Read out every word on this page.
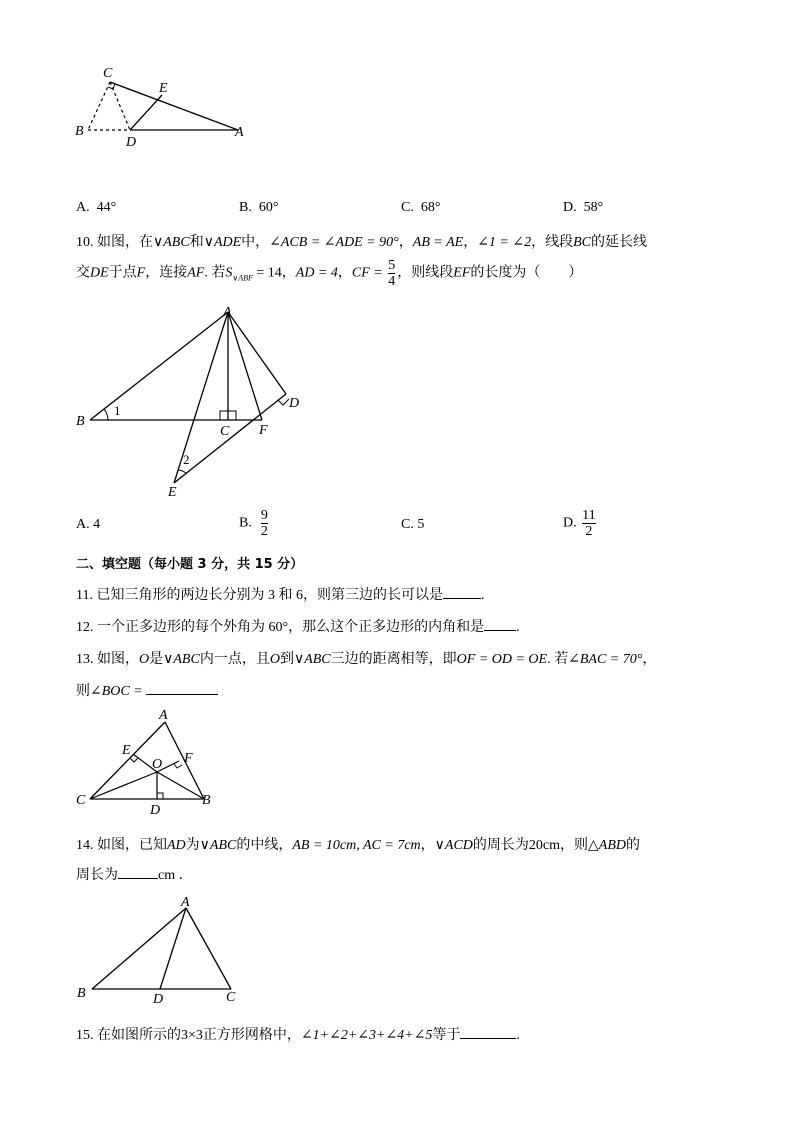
C
E
B
D
A
A. 44°	B. 60°	C. 68°	D. 58°
10. 如图，在∨ABC和∨ADE中，∠ACB = ∠ADE = 90°，AB = AE，∠1 = ∠2，线段BC的延长线
交DE于点F，连接AF. 若$S_{\vee ABF} = 14$，AD = 4，CF = $\frac{5}{4}$ ，则线段EF的长度为（　　）
A
B
C
D
E
F
1
2
A. 4	B. $\frac{9}{2}$	C. 5	D. $\frac{11}{2}$
二、填空题（每小题 3 分，共 15 分）
11. 已知三角形的两边长分别为 3 和 6，则第三边的长可以是	.
12. 一个正多边形的每个外角为 60°，那么这个正多边形的内角和是 .
13. 如图，O是∨ABC内一点，且O到∨ABC三边的距离相等，即OF = OD = OE. 若∠BAC = 70°，
则∠BOC =
A
E
F
O
C
D
B
14. 如图，已知AD为∨ABC的中线，AB = 10cm, AC = 7cm，∨ACD的周长为20cm，则△ABD的
周长为	cm ．
A
B	D	C
15. 在如图所示的3×3正方形网格中，∠1+∠2+∠3+∠4+∠5等于	.
